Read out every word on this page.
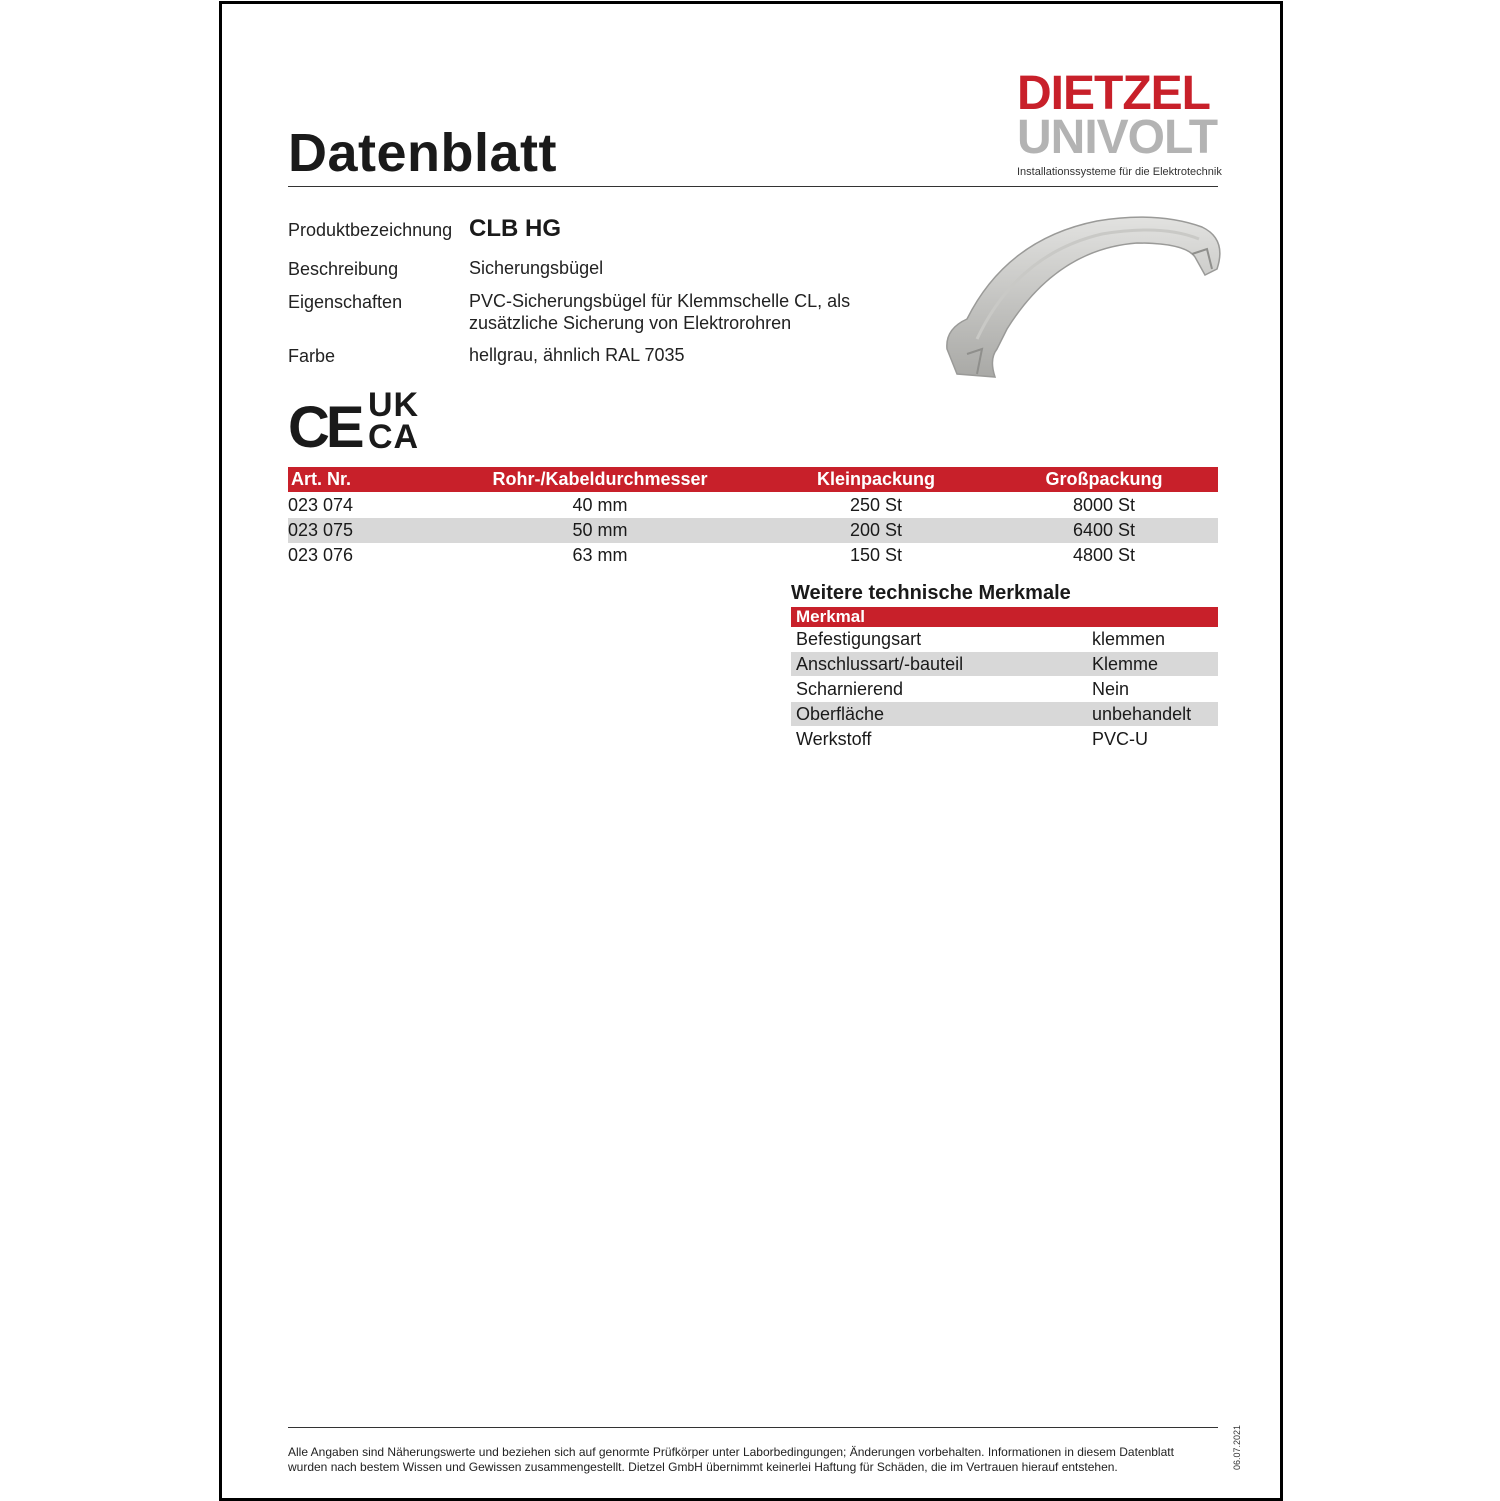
Datenblatt
DIETZEL
UNIVOLT
Installationssysteme für die Elektrotechnik
Produktbezeichnung CLB HG
Beschreibung	Sicherungsbügel
Eigenschaften	PVC-Sicherungsbügel für Klemmschelle CL, als
zusätzliche Sicherung von Elektrorohren
Farbe	hellgrau, ähnlich RAL 7035
CE UK
CA
Art. Nr.	Rohr-/Kabeldurchmesser	Kleinpackung	Großpackung
023 074	40 mm	250 St	8000 St
023 075	50 mm	200 St	6400 St
023 076	63 mm	150 St	4800 St
Weitere technische Merkmale
Merkmal
Befestigungsart	klemmen
Anschlussart/-bauteil	Klemme
Scharnierend	Nein
Oberfläche	unbehandelt
Werkstoff	PVC-U
Alle Angaben sind Näherungswerte und beziehen sich auf genormte Prüfkörper unter Laborbedingungen; Änderungen vorbehalten. Informationen in diesem Datenblatt
wurden nach bestem Wissen und Gewissen zusammengestellt. Dietzel GmbH übernimmt keinerlei Haftung für Schäden, die im Vertrauen hierauf entstehen.	06.07.2021
